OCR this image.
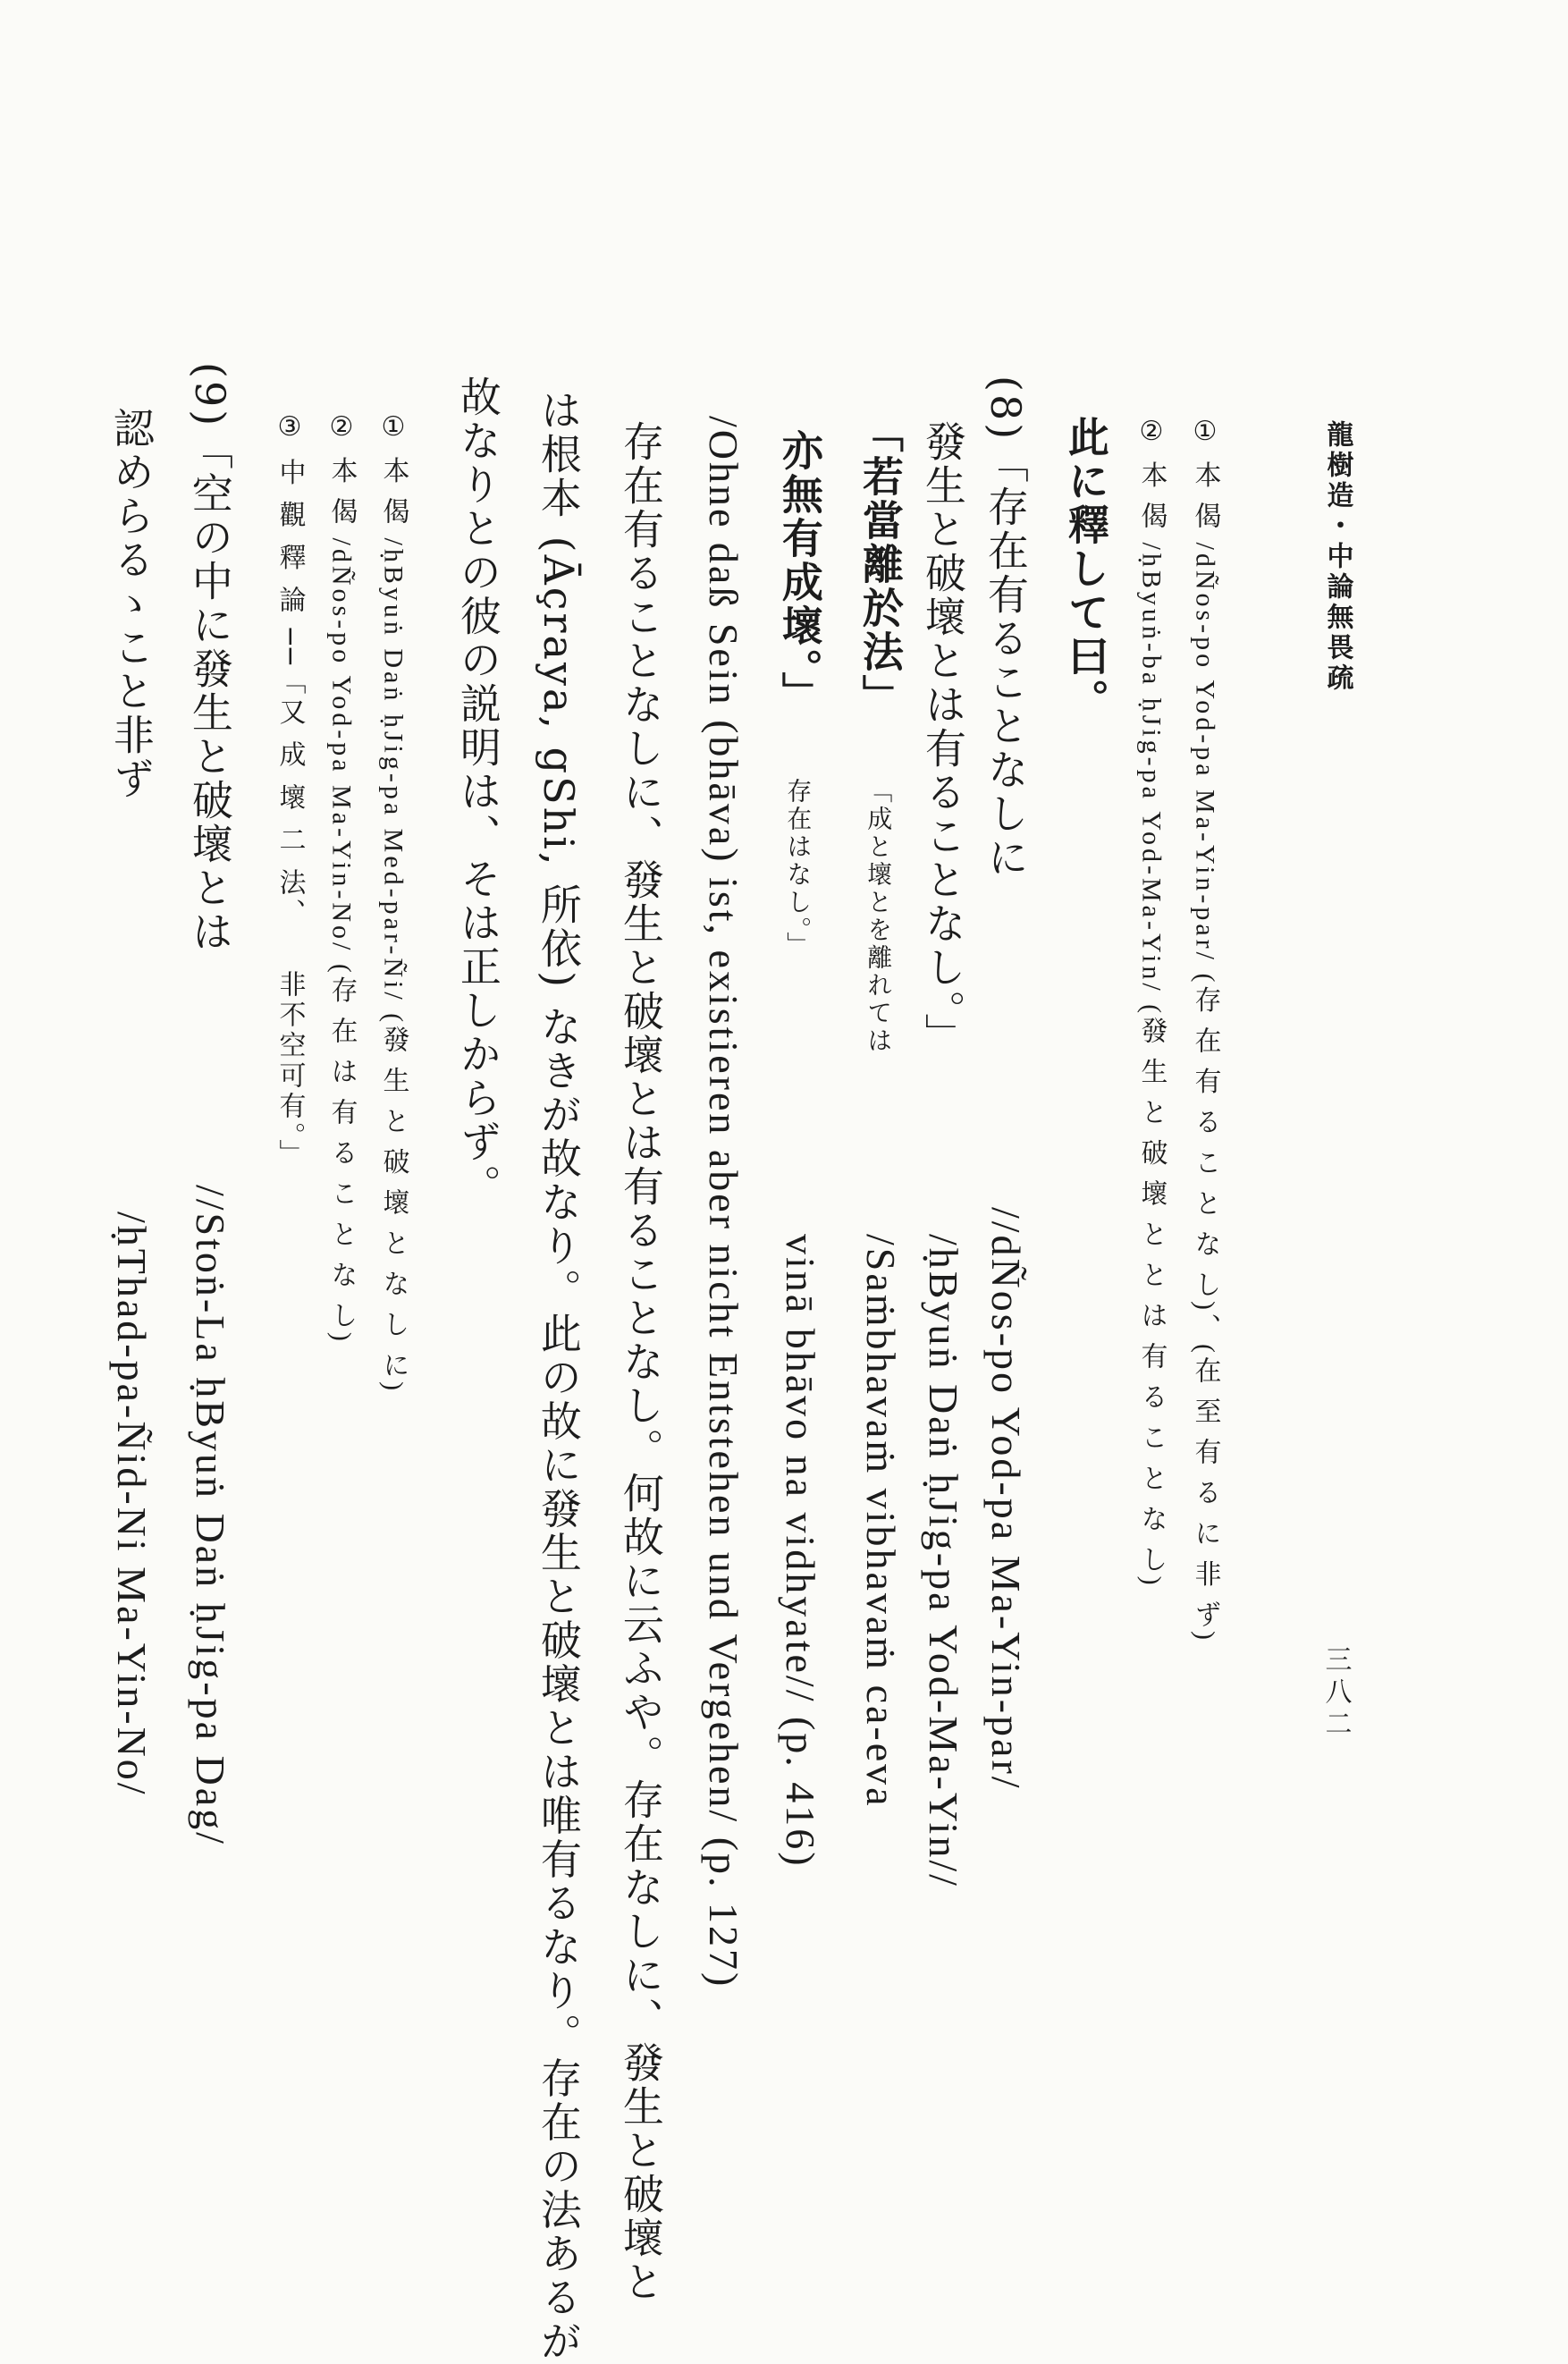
龍樹造・中論無畏疏
三八二
① 本 偈 /dÑos-po Yod-pa Ma-Yin-par/ (存 在 有 る こ と な し)、(在 至 有 る に 非 ず)
② 本 偈 /ḥByuṅ-ba ḥJig-pa Yod-Ma-Yin/ (發 生 と 破 壞 と と は 有 る こ と な し)
此に釋して曰。
(8)「存在有ることなしに
//dÑos-po Yod-pa Ma-Yin-par/
發生と破壞とは有ることなし。」
/ḥByuṅ Daṅ ḥJig-pa Yod-Ma-Yin//
「若當離於法」
「成と壞とを離れては
/Saṁbhavaṁ vibhavaṁ ca-eva
亦無有成壞。」
存在はなし。」
vinā bhāvo na vidhyate// (p. 416)
/Ohne daß Sein (bhāva) ist, existieren aber nicht Entstehen und Vergehen/ (p. 127)
存在有ることなしに、發生と破壞とは有ることなし。何故に云ふや。存在なしに、發生と破壞と
は根本 (Āçraya, gShi, 所依) なきが故なり。此の故に發生と破壞とは唯有るなり。存在の法あるが
故なりとの彼の説明は、そは正しからず。
① 本 偈 /ḥByuṅ Daṅ ḥJig-pa Med-par-Ñi/ (發 生 と 破 壞 と な し に)
② 本 偈 /dÑos-po Yod-pa Ma-Yin-No/ (存 在 は 有 る こ と な し)
③ 中 觀 釋 論 ──「又 成 壞 二 法、
非不空可有。」
(9)「空の中に發生と破壞とは
//Stoṅ-La ḥByuṅ Daṅ ḥJig-pa Dag/
認めらるゝこと非ず
/ḥThad-pa-Ñid-Ni Ma-Yin-No/
